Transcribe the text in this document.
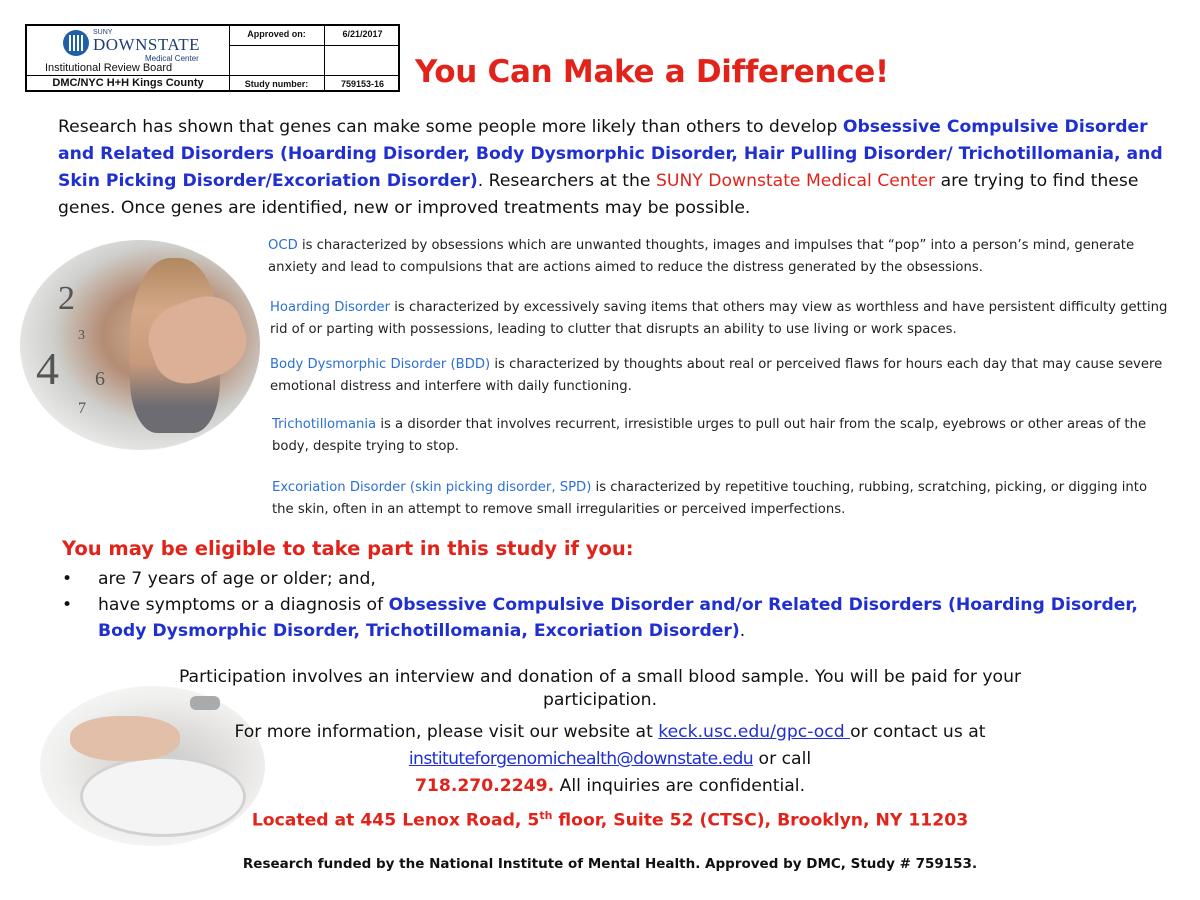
SUNY
DOWNSTATE
Medical Center
Institutional Review Board
DMC/NYC H+H Kings County
Approved on:	6/21/2017
Study number:	759153-16 You Can Make a Difference!
Research has shown that genes can make some people more likely than others to develop Obsessive Compulsive Disorder and Related Disorders (Hoarding Disorder, Body Dysmorphic Disorder, Hair Pulling Disorder/ Trichotillomania, and Skin Picking Disorder/Excoriation Disorder). Researchers at the SUNY Downstate Medical Center are trying to find these genes. Once genes are identified, new or improved treatments may be possible.
2
3
4 6
7
OCD is characterized by obsessions which are unwanted thoughts, images and impulses that “pop” into a person’s mind, generate anxiety and lead to compulsions that are actions aimed to reduce the distress generated by the obsessions.
Hoarding Disorder is characterized by excessively saving items that others may view as worthless and have persistent difficulty getting rid of or parting with possessions, leading to clutter that disrupts an ability to use living or work spaces.
Body Dysmorphic Disorder (BDD) is characterized by thoughts about real or perceived flaws for hours each day that may cause severe emotional distress and interfere with daily functioning.
Trichotillomania is a disorder that involves recurrent, irresistible urges to pull out hair from the scalp, eyebrows or other areas of the body, despite trying to stop.
Excoriation Disorder (skin picking disorder, SPD) is characterized by repetitive touching, rubbing, scratching, picking, or digging into the skin, often in an attempt to remove small irregularities or perceived imperfections.
You may be eligible to take part in this study if you:
• are 7 years of age or older; and,
• have symptoms or a diagnosis of Obsessive Compulsive Disorder and/or Related Disorders (Hoarding Disorder, Body Dysmorphic Disorder, Trichotillomania, Excoriation Disorder).
Participation involves an interview and donation of a small blood sample. You will be paid for your participation.
For more information, please visit our website at keck.usc.edu/gpc-ocd or contact us at
instituteforgenomichealth@downstate.edu or call
718.270.2249. All inquiries are confidential.
Located at 445 Lenox Road, 5th floor, Suite 52 (CTSC), Brooklyn, NY 11203
Research funded by the National Institute of Mental Health. Approved by DMC, Study # 759153.
